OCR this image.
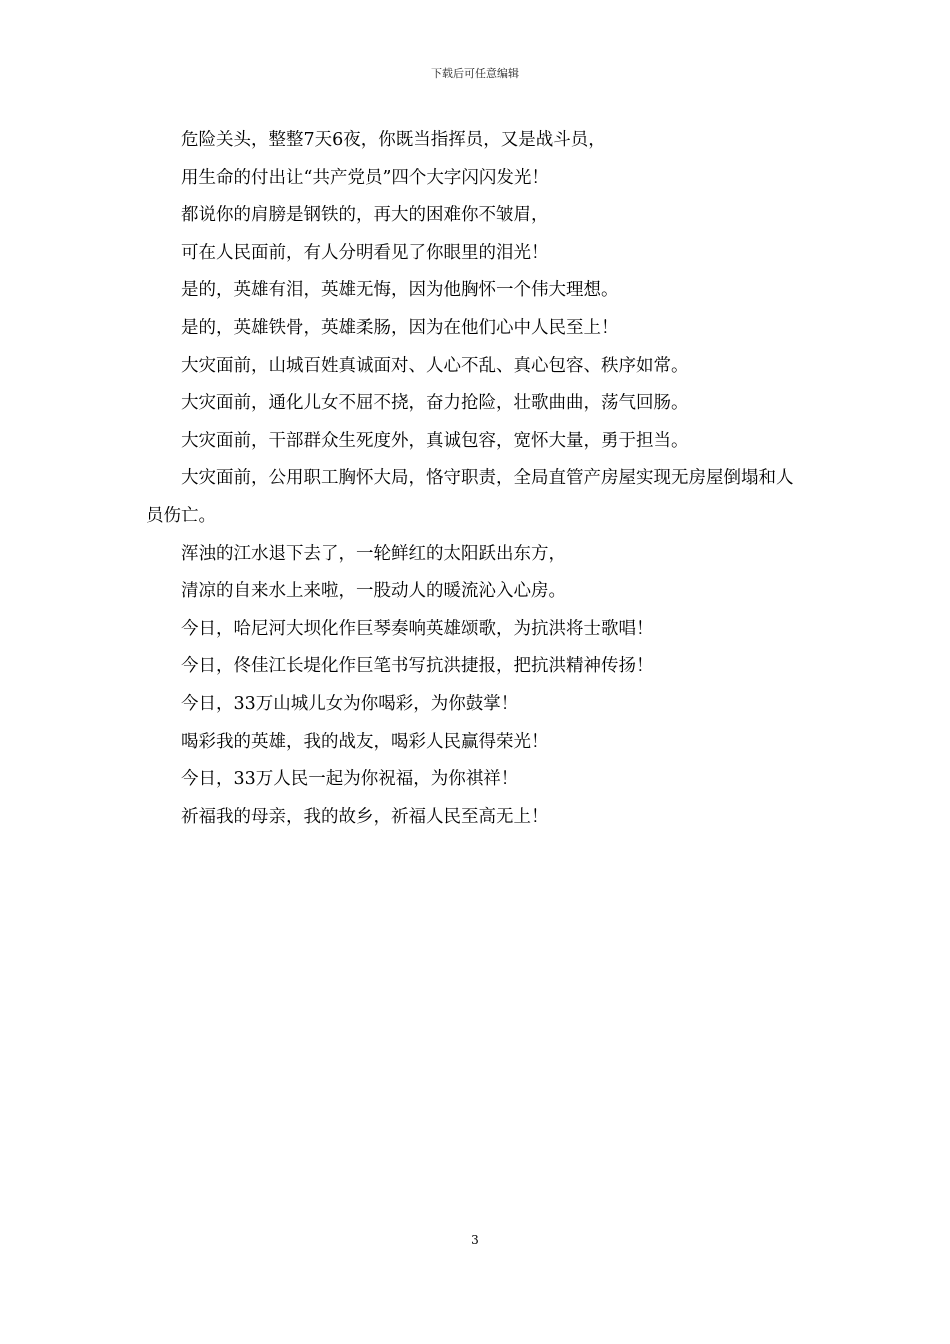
下载后可任意编辑

危险关头，整整7天6夜，你既当指挥员，又是战斗员，

用生命的付出让“共产党员”四个大字闪闪发光！

都说你的肩膀是钢铁的，再大的困难你不皱眉，

可在人民面前，有人分明看见了你眼里的泪光！

是的，英雄有泪，英雄无悔，因为他胸怀一个伟大理想。

是的，英雄铁骨，英雄柔肠，因为在他们心中人民至上！

大灾面前，山城百姓真诚面对、人心不乱、真心包容、秩序如常。

大灾面前，通化儿女不屈不挠，奋力抢险，壮歌曲曲，荡气回肠。

大灾面前，干部群众生死度外，真诚包容，宽怀大量，勇于担当。

大灾面前，公用职工胸怀大局，恪守职责，全局直管产房屋实现无房屋倒塌和人员伤亡。

浑浊的江水退下去了，一轮鲜红的太阳跃出东方，

清凉的自来水上来啦，一股动人的暖流沁入心房。

今日，哈尼河大坝化作巨琴奏响英雄颂歌，为抗洪将士歌唱！

今日，佟佳江长堤化作巨笔书写抗洪捷报，把抗洪精神传扬！

今日，33万山城儿女为你喝彩，为你鼓掌！

喝彩我的英雄，我的战友，喝彩人民赢得荣光！

今日，33万人民一起为你祝福，为你祺祥！

祈福我的母亲，我的故乡，祈福人民至高无上！

3
